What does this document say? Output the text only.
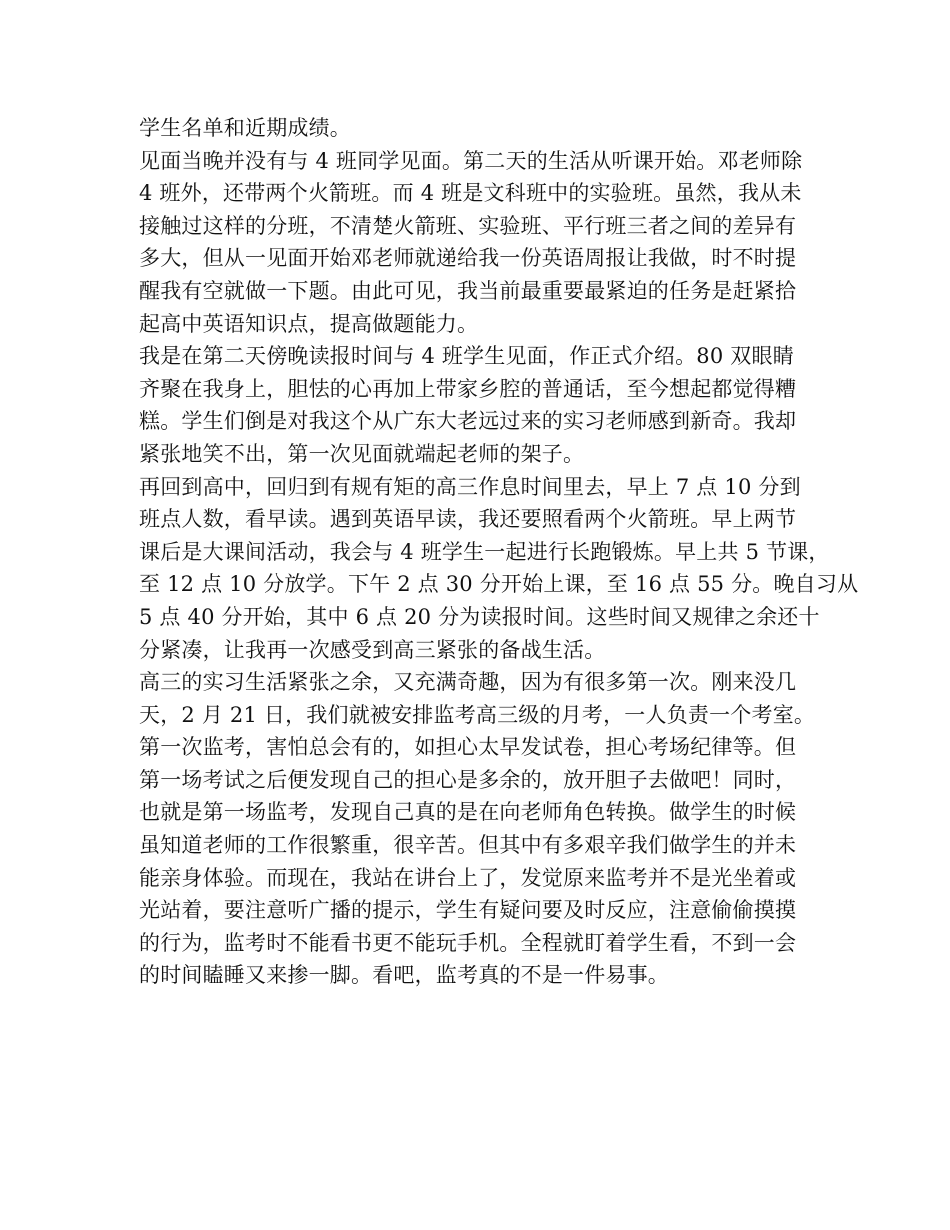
学生名单和近期成绩。
见面当晚并没有与 4 班同学见面。第二天的生活从听课开始。邓老师除
4 班外，还带两个火箭班。而 4 班是文科班中的实验班。虽然，我从未
接触过这样的分班，不清楚火箭班、实验班、平行班三者之间的差异有
多大，但从一见面开始邓老师就递给我一份英语周报让我做，时不时提
醒我有空就做一下题。由此可见，我当前最重要最紧迫的任务是赶紧拾
起高中英语知识点，提高做题能力。
我是在第二天傍晚读报时间与 4 班学生见面，作正式介绍。80 双眼睛
齐聚在我身上，胆怯的心再加上带家乡腔的普通话，至今想起都觉得糟
糕。学生们倒是对我这个从广东大老远过来的实习老师感到新奇。我却
紧张地笑不出，第一次见面就端起老师的架子。
再回到高中，回归到有规有矩的高三作息时间里去，早上 7 点 10 分到
班点人数，看早读。遇到英语早读，我还要照看两个火箭班。早上两节
课后是大课间活动，我会与 4 班学生一起进行长跑锻炼。早上共 5 节课，
至 12 点 10 分放学。下午 2 点 30 分开始上课，至 16 点 55 分。晚自习从
5 点 40 分开始，其中 6 点 20 分为读报时间。这些时间又规律之余还十
分紧凑，让我再一次感受到高三紧张的备战生活。
高三的实习生活紧张之余，又充满奇趣，因为有很多第一次。刚来没几
天，2 月 21 日，我们就被安排监考高三级的月考，一人负责一个考室。
第一次监考，害怕总会有的，如担心太早发试卷，担心考场纪律等。但
第一场考试之后便发现自己的担心是多余的，放开胆子去做吧！同时，
也就是第一场监考，发现自己真的是在向老师角色转换。做学生的时候
虽知道老师的工作很繁重，很辛苦。但其中有多艰辛我们做学生的并未
能亲身体验。而现在，我站在讲台上了，发觉原来监考并不是光坐着或
光站着，要注意听广播的提示，学生有疑问要及时反应，注意偷偷摸摸
的行为，监考时不能看书更不能玩手机。全程就盯着学生看，不到一会
的时间瞌睡又来掺一脚。看吧，监考真的不是一件易事。
